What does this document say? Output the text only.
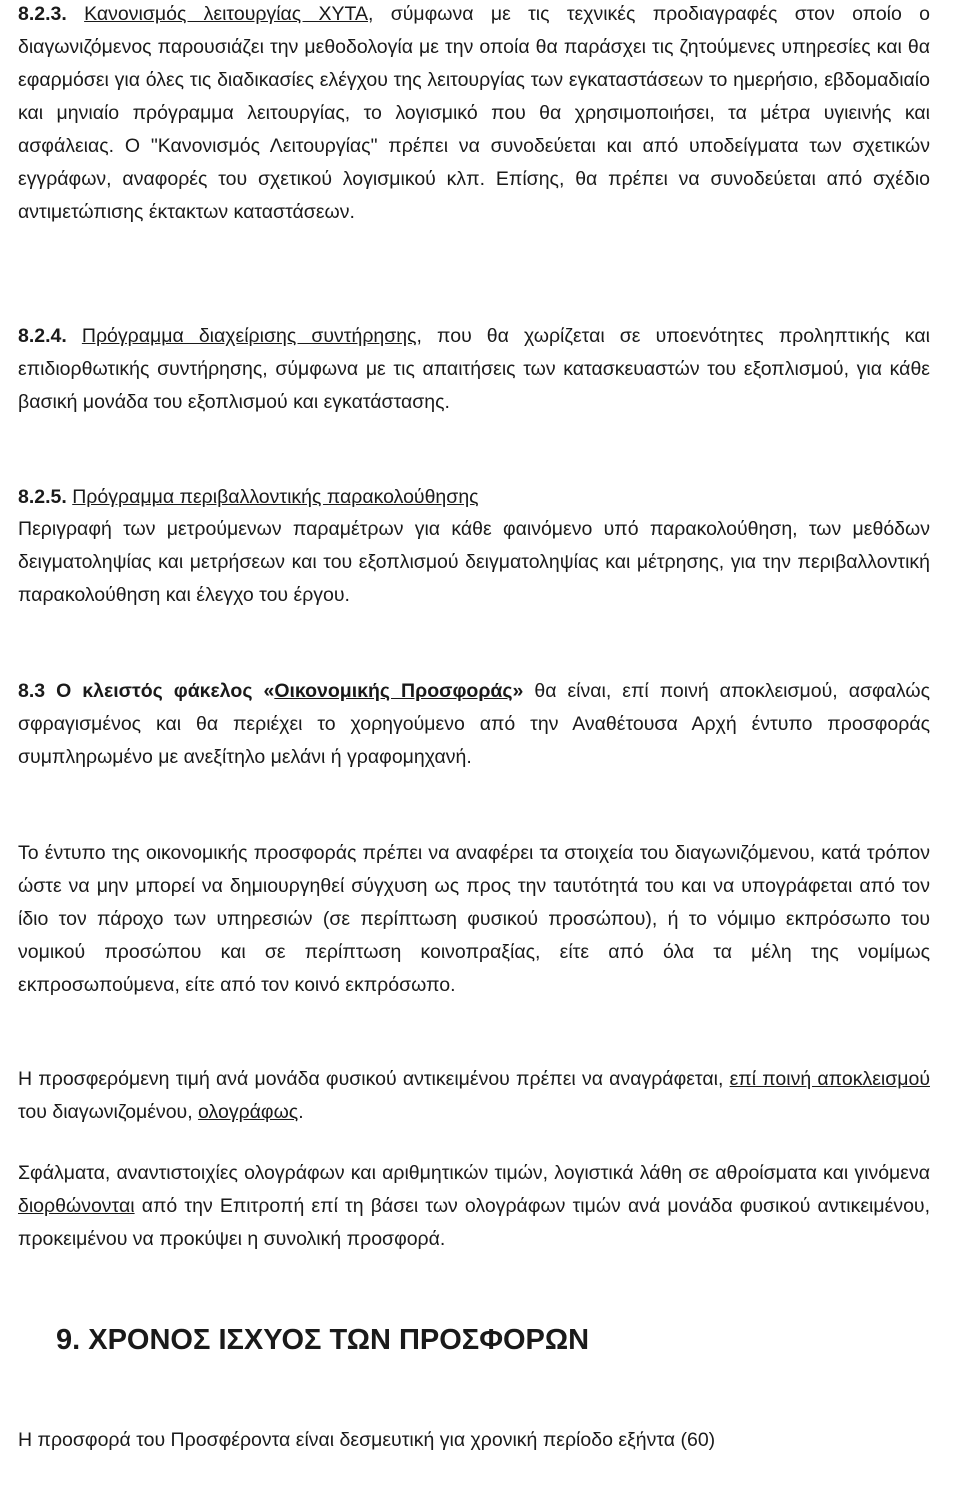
8.2.3. Κανονισμός λειτουργίας ΧΥΤΑ, σύμφωνα με τις τεχνικές προδιαγραφές στον οποίο ο διαγωνιζόμενος παρουσιάζει την μεθοδολογία με την οποία θα παράσχει τις ζητούμενες υπηρεσίες και θα εφαρμόσει για όλες τις διαδικασίες ελέγχου της λειτουργίας των εγκαταστάσεων το ημερήσιο, εβδομαδιαίο και μηνιαίο πρόγραμμα λειτουργίας, το λογισμικό που θα χρησιμοποιήσει, τα μέτρα υγιεινής και ασφάλειας. Ο "Κανονισμός Λειτουργίας" πρέπει να συνοδεύεται και από υποδείγματα των σχετικών εγγράφων, αναφορές του σχετικού λογισμικού κλπ. Επίσης, θα πρέπει να συνοδεύεται από σχέδιο αντιμετώπισης έκτακτων καταστάσεων.

8.2.4. Πρόγραμμα διαχείρισης συντήρησης, που θα χωρίζεται σε υποενότητες προληπτικής και επιδιορθωτικής συντήρησης, σύμφωνα με τις απαιτήσεις των κατασκευαστών του εξοπλισμού, για κάθε βασική μονάδα του εξοπλισμού και εγκατάστασης.

8.2.5. Πρόγραμμα περιβαλλοντικής παρακολούθησης

Περιγραφή των μετρούμενων παραμέτρων για κάθε φαινόμενο υπό παρακολούθηση, των μεθόδων δειγματοληψίας και μετρήσεων και του εξοπλισμού δειγματοληψίας και μέτρησης, για την περιβαλλοντική παρακολούθηση και έλεγχο του έργου.

8.3 Ο κλειστός φάκελος «Οικονομικής Προσφοράς» θα είναι, επί ποινή αποκλεισμού, ασφαλώς σφραγισμένος και θα περιέχει το χορηγούμενο από την Αναθέτουσα Αρχή έντυπο προσφοράς συμπληρωμένο με ανεξίτηλο μελάνι ή γραφομηχανή.

Το έντυπο της οικονομικής προσφοράς πρέπει να αναφέρει τα στοιχεία του διαγωνιζόμενου, κατά τρόπον ώστε να μην μπορεί να δημιουργηθεί σύγχυση ως προς την ταυτότητά του και να υπογράφεται από τον ίδιο τον πάροχο των υπηρεσιών (σε περίπτωση φυσικού προσώπου), ή το νόμιμο εκπρόσωπο του νομικού προσώπου και σε περίπτωση κοινοπραξίας, είτε από όλα τα μέλη της νομίμως εκπροσωπούμενα, είτε από τον κοινό εκπρόσωπο.

Η προσφερόμενη τιμή ανά μονάδα φυσικού αντικειμένου πρέπει να αναγράφεται, επί ποινή αποκλεισμού του διαγωνιζομένου, ολογράφως.

Σφάλματα, αναντιστοιχίες ολογράφων και αριθμητικών τιμών, λογιστικά λάθη σε αθροίσματα και γινόμενα διορθώνονται από την Επιτροπή επί τη βάσει των ολογράφων τιμών ανά μονάδα φυσικού αντικειμένου, προκειμένου να προκύψει η συνολική προσφορά.

9. ΧΡΟΝΟΣ ΙΣΧΥΟΣ ΤΩΝ ΠΡΟΣΦΟΡΩΝ

Η προσφορά του Προσφέροντα είναι δεσμευτική για χρονική περίοδο εξήντα (60)
